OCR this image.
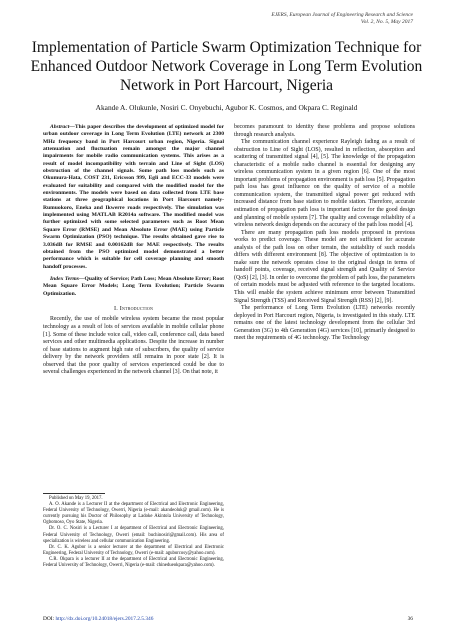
EJERS, European Journal of Engineering Research and Science
Vol. 2, No. 5, May 2017
Implementation of Particle Swarm Optimization Technique for Enhanced Outdoor Network Coverage in Long Term Evolution Network in Port Harcourt, Nigeria
Akande A. Olukunle, Nosiri C. Onyebuchi, Agubor K. Cosmos, and Okpara C. Reginald

Abstract—This paper describes the development of optimized model for urban outdoor coverage in Long Term Evolution (LTE) network at 2300 MHz frequency band in Port Harcourt urban region, Nigeria. Signal attenuation and fluctuation remain amongst the major channel impairments for mobile radio communication systems. This arises as a result of model incompatibility with terrain and Line of Sight (LOS) obstruction of the channel signals. Some path loss models such as Okumura-Hata, COST 231, Ericsson 999, Egli and ECC-33 models were evaluated for suitability and compared with the modified model for the environments. The models were based on data collected from LTE base stations at three geographical locations in Port Harcourt namely- Rumuokoro, Eneka and Ikwerre roads respectively. The simulation was implemented using MATLAB R2014a software. The modified model was further optimized with some selected parameters such as Root Mean Square Error (RMSE) and Mean Absolute Error (MAE) using Particle Swarm Optimization (PSO) technique. The results obtained gave rise to 3.036dB for RMSE and 0.00162dB for MAE respectively. The results obtained from the PSO optimized model demonstrated a better performance which is suitable for cell coverage planning and smooth handoff processes.

Index Terms—Quality of Service; Path Loss; Mean Absolute Error; Root Mean Square Error Models; Long Term Evolution; Particle Swarm Optimization.

I. Introduction

Recently, the use of mobile wireless system became the most popular technology as a result of lots of services available in mobile cellular phone [1]. Some of these include voice call, video call, conference call, data based services and other multimedia applications. Despite the increase in number of base stations to augment high rate of subscribers, the quality of service delivery by the network providers still remains in poor state [2]. It is observed that the poor quality of services experienced could be due to several challenges experienced in the network channel [3]. On that note, it

becomes paramount to identity these problems and propose solutions through research analysis.

The communication channel experience Rayleigh fading as a result of obstruction to Line of Sight (LOS), resulted in reflection, absorption and scattering of transmitted signal [4], [5]. The knowledge of the propagation characteristic of a mobile radio channel is essential for designing any wireless communication system in a given region [6]. One of the most important problems of propagation environment is path loss [5]. Propagation path loss has great influence on the quality of service of a mobile communication system, the transmitted signal power get reduced with increased distance from base station to mobile station. Therefore, accurate estimation of propagation path loss is important factor for the good design and planning of mobile system [7]. The quality and coverage reliability of a wireless network design depends on the accuracy of the path loss model [4].

There are many propagation path loss models proposed in previous works to predict coverage. These model are not sufficient for accurate analysis of the path loss on other terrain, the suitability of such models differs with different environment [8]. The objective of optimization is to make sure the network operates close to the original design in terms of handoff points, coverage, received signal strength and Quality of Service (QoS) [2], [3]. In order to overcome the problem of path loss, the parameters of certain models must be adjusted with reference to the targeted locations. This will enable the system achieve minimum error between Transmitted Signal Strength (TSS) and Received Signal Strength (RSS) [2], [9].

The performance of Long Term Evolution (LTE) networks recently deployed in Port Harcourt region, Nigeria, is investigated in this study. LTE remains one of the latest technology development from the cellular 3rd Generation (3G) to 4th Generation (4G) services [10], primarily designed to meet the requirements of 4G technology. The Technology

Published on May 19, 2017.

A. O. Akande is a Lecturer II at the department of Electrical and Electronic Engineering, Federal University of Technology, Owerri, Nigeria (e-mail: akandeoluk@ gmail.com). He is currently pursuing his Doctor of Philosophy at Ladoke Akintola University of Technology, Ogbomoso, Oyo State, Nigeria.

Dr. O. C. Nosiri is a Lecturer I at department of Electrical and Electronic Engineering, Federal University of Technology, Owerri (email: buchinosiri@gmail.com). His area of specialization is wireless and cellular communication Engineering.

Dr. C. K. Agubor is a senior lecturer at the department of Electrical and Electronic Engineering, Federal University of Technology, Owerri (e-mail: aguborcosy@yahoo.com).

C.R. Okpara is a lecturer II at the department of Electrical and Electronic Engineering, Federal University of Technology, Owerri, Nigeria (e-mail: chinedueokpara@yahoo.com).

DOI: http://dx.doi.org/10.24018/ejers.2017.2.5.346	36
